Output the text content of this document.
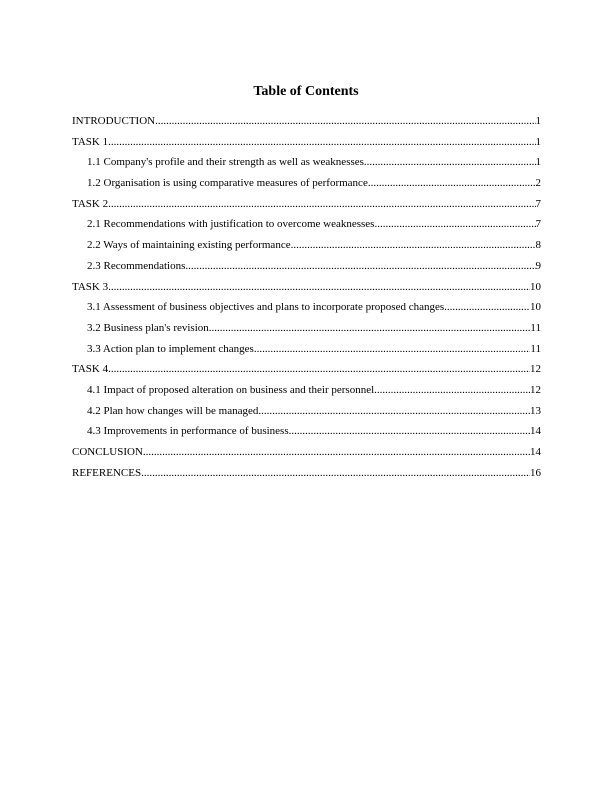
Table of Contents
INTRODUCTION .....	1
TASK 1 .....	1
1.1 Company's profile and their strength as well as weaknesses .....	1
1.2 Organisation is using comparative measures of performance .....	2
TASK 2 .....	7
2.1 Recommendations with justification to overcome weaknesses .....	7
2.2 Ways of maintaining existing performance .....	8
2.3 Recommendations .....	9
TASK 3 .....	10
3.1 Assessment of business objectives and plans to incorporate proposed changes .....	10
3.2 Business plan's revision .....	11
3.3 Action plan to implement changes .....	11
TASK 4 .....	12
4.1 Impact of proposed alteration on business and their personnel .....	12
4.2 Plan how changes will be managed .....	13
4.3 Improvements in performance of business .....	14
CONCLUSION .....	14
REFERENCES .....	16
